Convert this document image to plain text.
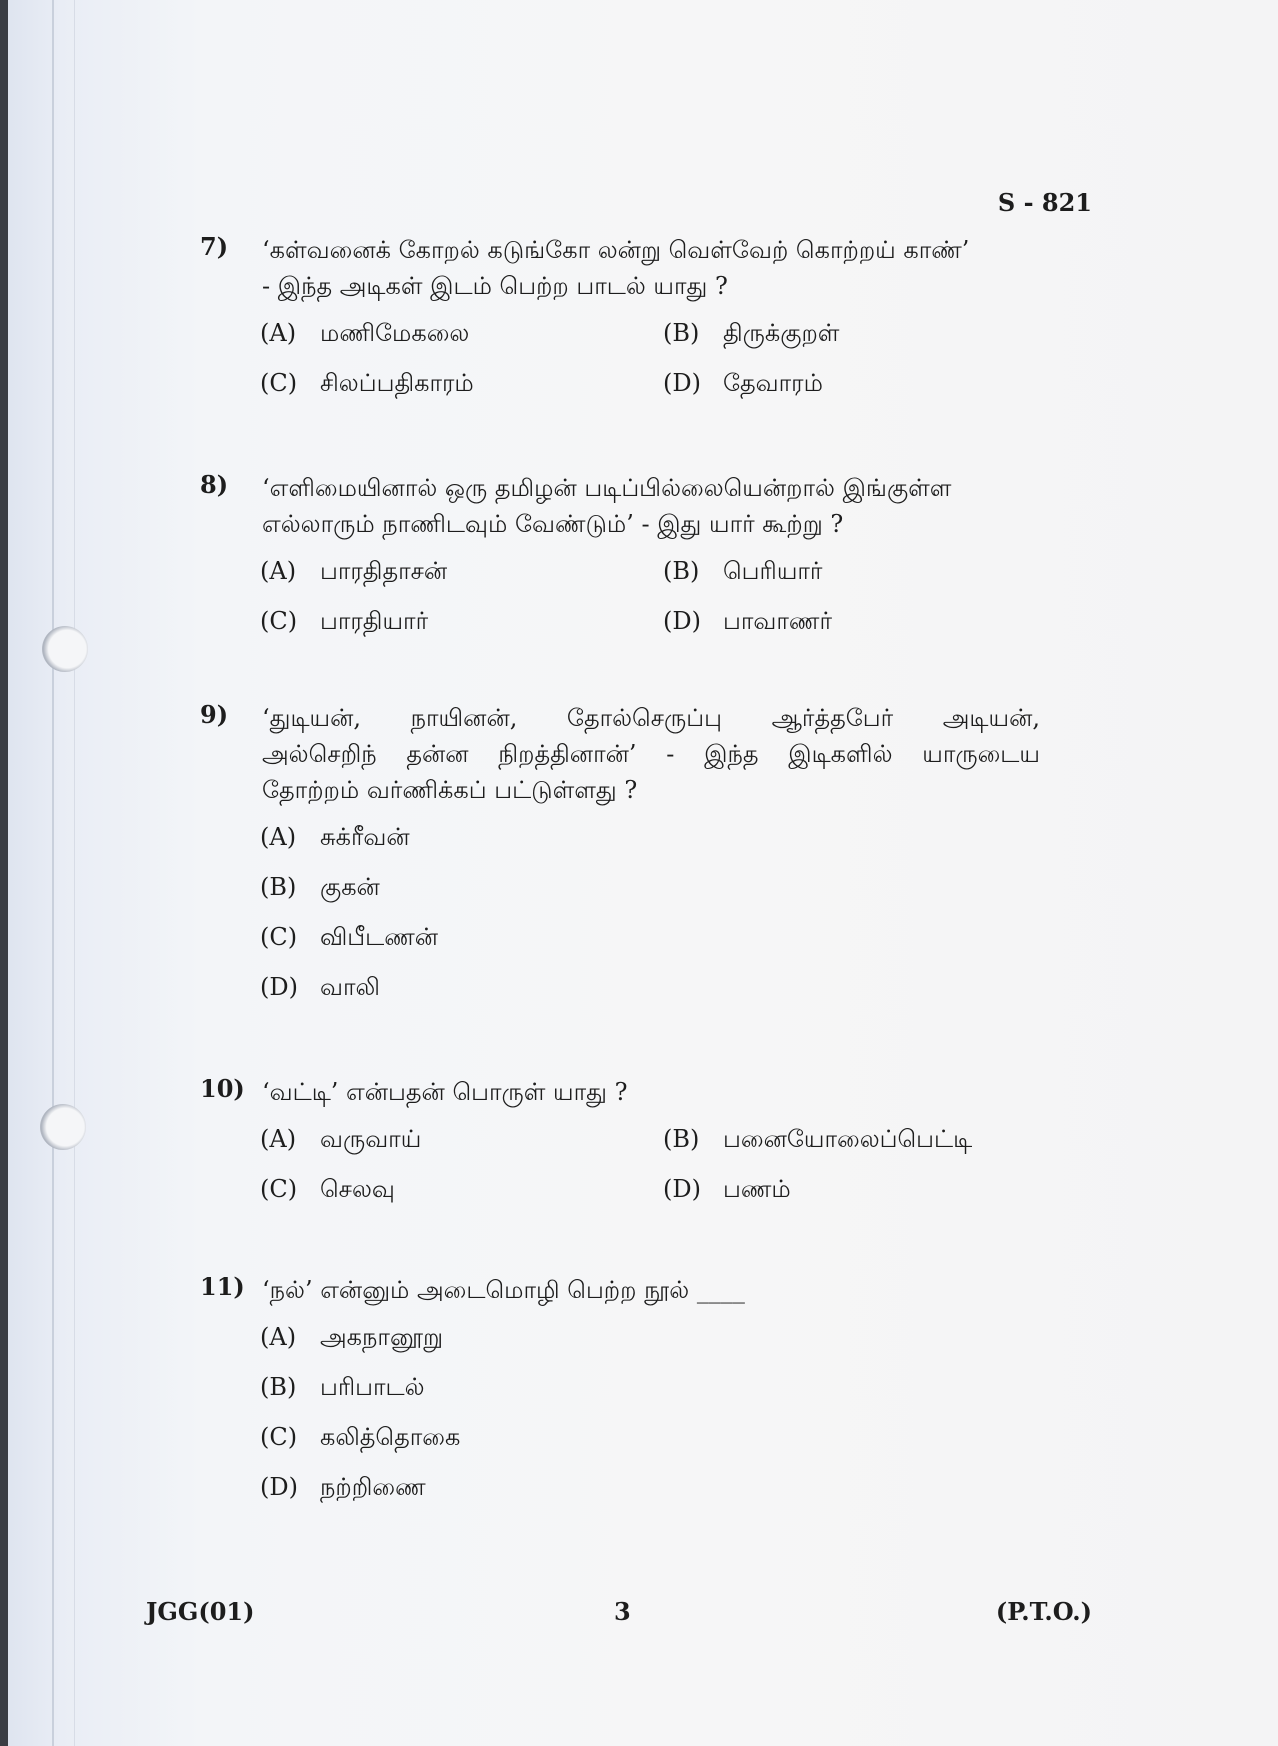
S - 821
7) ‘கள்வனைக் கோறல் கடுங்கோ லன்று வெள்வேற் கொற்றய் காண்’
- இந்த அடிகள் இடம் பெற்ற பாடல் யாது ?
(A) மணிமேகலை	(B) திருக்குறள்
(C) சிலப்பதிகாரம்	(D) தேவாரம்
8) ‘எளிமையினால் ஒரு தமிழன் படிப்பில்லையென்றால் இங்குள்ள
எல்லாரும் நாணிடவும் வேண்டும்’ - இது யார் கூற்று ?
(A) பாரதிதாசன்	(B) பெரியார்
(C) பாரதியார்	(D) பாவாணர்
9) ‘துடியன், நாயினன், தோல்செருப்பு ஆர்த்தபேர் அடியன்,
அல்செறிந் தன்ன நிறத்தினான்’ - இந்த இடிகளில் யாருடைய
தோற்றம் வர்ணிக்கப் பட்டுள்ளது ?
(A) சுக்ரீவன்
(B) குகன்
(C) விபீடணன்
(D) வாலி
10) ‘வட்டி’ என்பதன் பொருள் யாது ?
(A) வருவாய்	(B) பனையோலைப்பெட்டி
(C) செலவு	(D) பணம்
11) ‘நல்’ என்னும் அடைமொழி பெற்ற நூல் ____
(A) அகநானூறு
(B) பரிபாடல்
(C) கலித்தொகை
(D) நற்றிணை
JGG(01)	3	(P.T.O.)
